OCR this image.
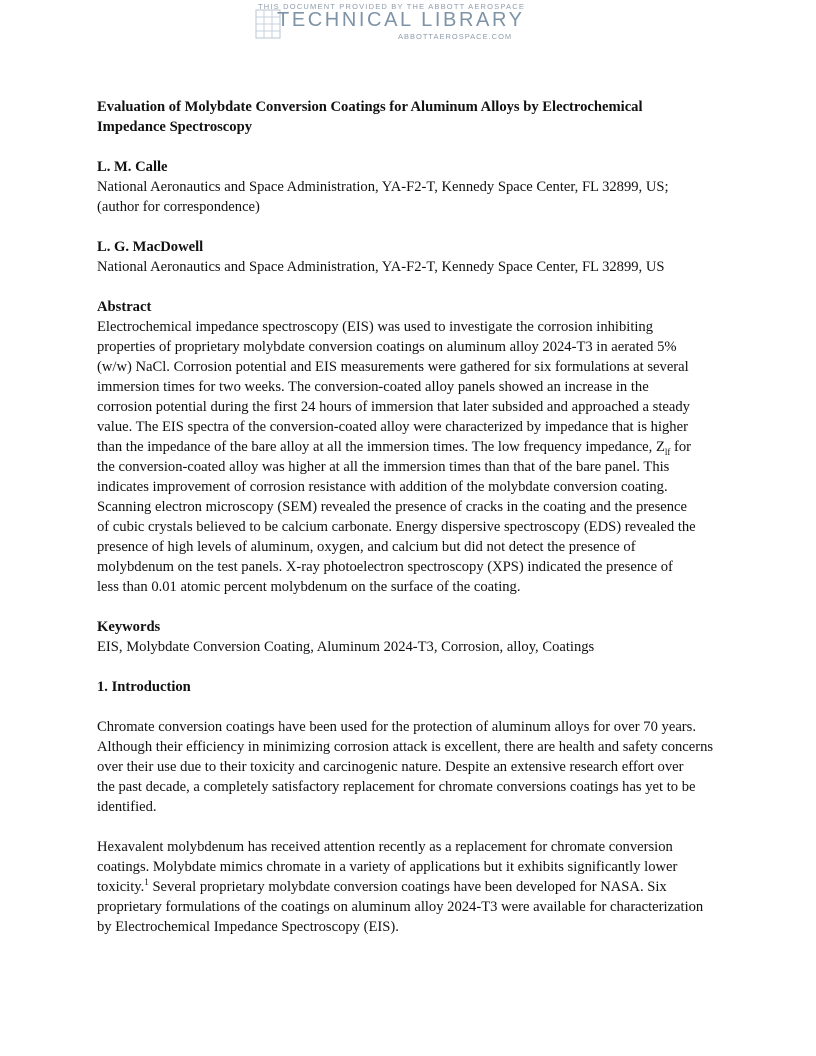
THIS DOCUMENT PROVIDED BY THE ABBOTT AEROSPACE
TECHNICAL LIBRARY
ABBOTTAEROSPACE.COM

Evaluation of Molybdate Conversion Coatings for Aluminum Alloys by Electrochemical
Impedance Spectroscopy

L. M. Calle

National Aeronautics and Space Administration, YA-F2-T, Kennedy Space Center, FL 32899, US;
(author for correspondence)

L. G. MacDowell

National Aeronautics and Space Administration, YA-F2-T, Kennedy Space Center, FL 32899, US

Abstract

Electrochemical impedance spectroscopy (EIS) was used to investigate the corrosion inhibiting
properties of proprietary molybdate conversion coatings on aluminum alloy 2024-T3 in aerated 5%
(w/w) NaCl. Corrosion potential and EIS measurements were gathered for six formulations at several
immersion times for two weeks. The conversion-coated alloy panels showed an increase in the
corrosion potential during the first 24 hours of immersion that later subsided and approached a steady
value. The EIS spectra of the conversion-coated alloy were characterized by impedance that is higher
than the impedance of the bare alloy at all the immersion times. The low frequency impedance, $Z_{lf}$ for
the conversion-coated alloy was higher at all the immersion times than that of the bare panel. This
indicates improvement of corrosion resistance with addition of the molybdate conversion coating.
Scanning electron microscopy (SEM) revealed the presence of cracks in the coating and the presence
of cubic crystals believed to be calcium carbonate. Energy dispersive spectroscopy (EDS) revealed the
presence of high levels of aluminum, oxygen, and calcium but did not detect the presence of
molybdenum on the test panels. X-ray photoelectron spectroscopy (XPS) indicated the presence of
less than 0.01 atomic percent molybdenum on the surface of the coating.

Keywords

EIS, Molybdate Conversion Coating, Aluminum 2024-T3, Corrosion, alloy, Coatings

1. Introduction

Chromate conversion coatings have been used for the protection of aluminum alloys for over 70 years.
Although their efficiency in minimizing corrosion attack is excellent, there are health and safety concerns
over their use due to their toxicity and carcinogenic nature. Despite an extensive research effort over
the past decade, a completely satisfactory replacement for chromate conversions coatings has yet to be
identified.

Hexavalent molybdenum has received attention recently as a replacement for chromate conversion
coatings. Molybdate mimics chromate in a variety of applications but it exhibits significantly lower
toxicity.$^1$ Several proprietary molybdate conversion coatings have been developed for NASA. Six
proprietary formulations of the coatings on aluminum alloy 2024-T3 were available for characterization
by Electrochemical Impedance Spectroscopy (EIS).
